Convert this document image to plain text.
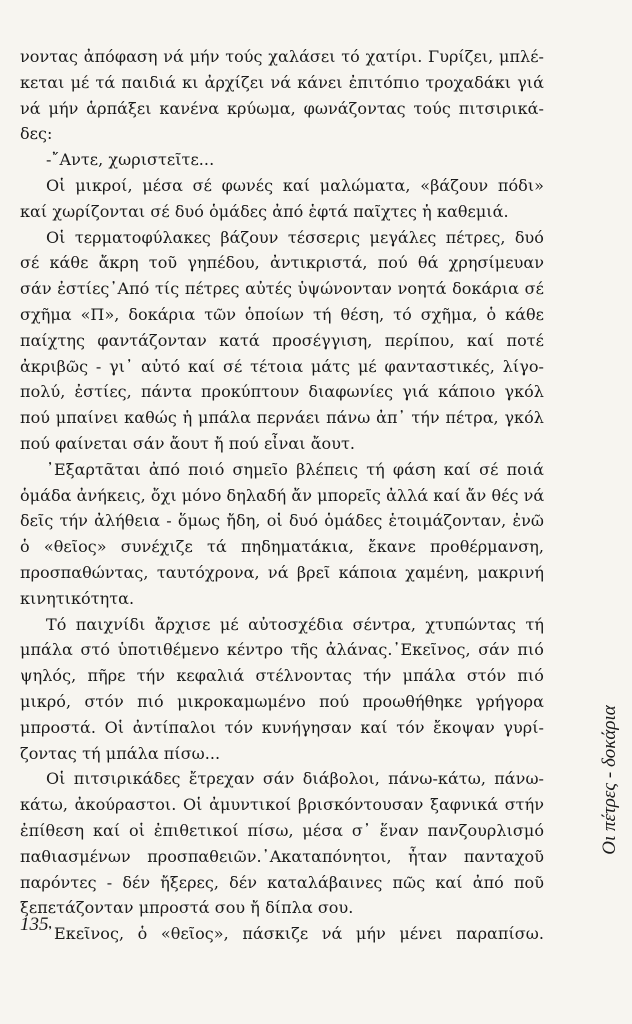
νοντας ἀπόφαση νά μήν τούς χαλάσει τό χατίρι. Γυρίζει, μπλέ-
κεται μέ τά παιδιά κι ἀρχίζει νά κάνει ἐπιτόπιο τροχαδάκι γιά
νά μήν ἁρπάξει κανένα κρύωμα, φωνάζοντας τούς πιτσιρικά-
δες:
-῎Αντε, χωριστεῖτε...
Οἱ μικροί, μέσα σέ φωνές καί μαλώματα, «βάζουν πόδι»
καί χωρίζονται σέ δυό ὁμάδες ἀπό ἑφτά παῖχτες ἡ καθεμιά.
Οἱ τερματοφύλακες βάζουν τέσσερις μεγάλες πέτρες, δυό
σέ κάθε ἄκρη τοῦ γηπέδου, ἀντικριστά, πού θά χρησίμευαν
σάν ἐστίες᾽Από τίς πέτρες αὐτές ὑψώνονταν νοητά δοκάρια σέ
σχῆμα «Π», δοκάρια τῶν ὁποίων τή θέση, τό σχῆμα, ὁ κάθε
παίχτης φαντάζονταν κατά προσέγγιση, περίπου, καί ποτέ
ἀκριβῶς - γι᾽ αὐτό καί σέ τέτοια μάτς μέ φανταστικές, λίγο-
πολύ, ἐστίες, πάντα προκύπτουν διαφωνίες γιά κάποιο γκόλ
πού μπαίνει καθώς ἡ μπάλα περνάει πάνω ἀπ᾽ τήν πέτρα, γκόλ
πού φαίνεται σάν ἄουτ ἤ πού εἶναι ἄουτ.
᾽Εξαρτᾶται ἀπό ποιό σημεῖο βλέπεις τή φάση καί σέ ποιά
ὁμάδα ἀνήκεις, ὄχι μόνο δηλαδή ἄν μπορεῖς ἀλλά καί ἄν θές νά
δεῖς τήν ἀλήθεια - ὅμως ἤδη, οἱ δυό ὁμάδες ἑτοιμάζονταν, ἐνῶ
ὁ «θεῖος» συνέχιζε τά πηδηματάκια, ἔκανε προθέρμανση,
προσπαθώντας, ταυτόχρονα, νά βρεῖ κάποια χαμένη, μακρινή
κινητικότητα.
Τό παιχνίδι ἄρχισε μέ αὐτοσχέδια σέντρα, χτυπώντας τή
μπάλα στό ὑποτιθέμενο κέντρο τῆς ἀλάνας.᾽Εκεῖνος, σάν πιό
ψηλός, πῆρε τήν κεφαλιά στέλνοντας τήν μπάλα στόν πιό
μικρό, στόν πιό μικροκαμωμένο πού προωθήθηκε γρήγορα
μπροστά. Οἱ ἀντίπαλοι τόν κυνήγησαν καί τόν ἔκοψαν γυρί-
ζοντας τή μπάλα πίσω...
Οἱ πιτσιρικάδες ἔτρεχαν σάν διάβολοι, πάνω-κάτω, πάνω-
κάτω, ἀκούραστοι. Οἱ ἀμυντικοί βρισκόντουσαν ξαφνικά στήν
ἐπίθεση καί οἱ ἐπιθετικοί πίσω, μέσα σ᾽ ἕναν πανζουρλισμό
παθιασμένων προσπαθειῶν.᾽Ακαταπόνητοι, ἦταν πανταχοῦ
παρόντες - δέν ἤξερες, δέν καταλάβαινες πῶς καί ἀπό ποῦ
ξεπετάζονταν μπροστά σου ἤ δίπλα σου.
᾽Εκεῖνος, ὁ «θεῖος», πάσκιζε νά μήν μένει παραπίσω.
135
Οι πέτρες - δοκάρια
